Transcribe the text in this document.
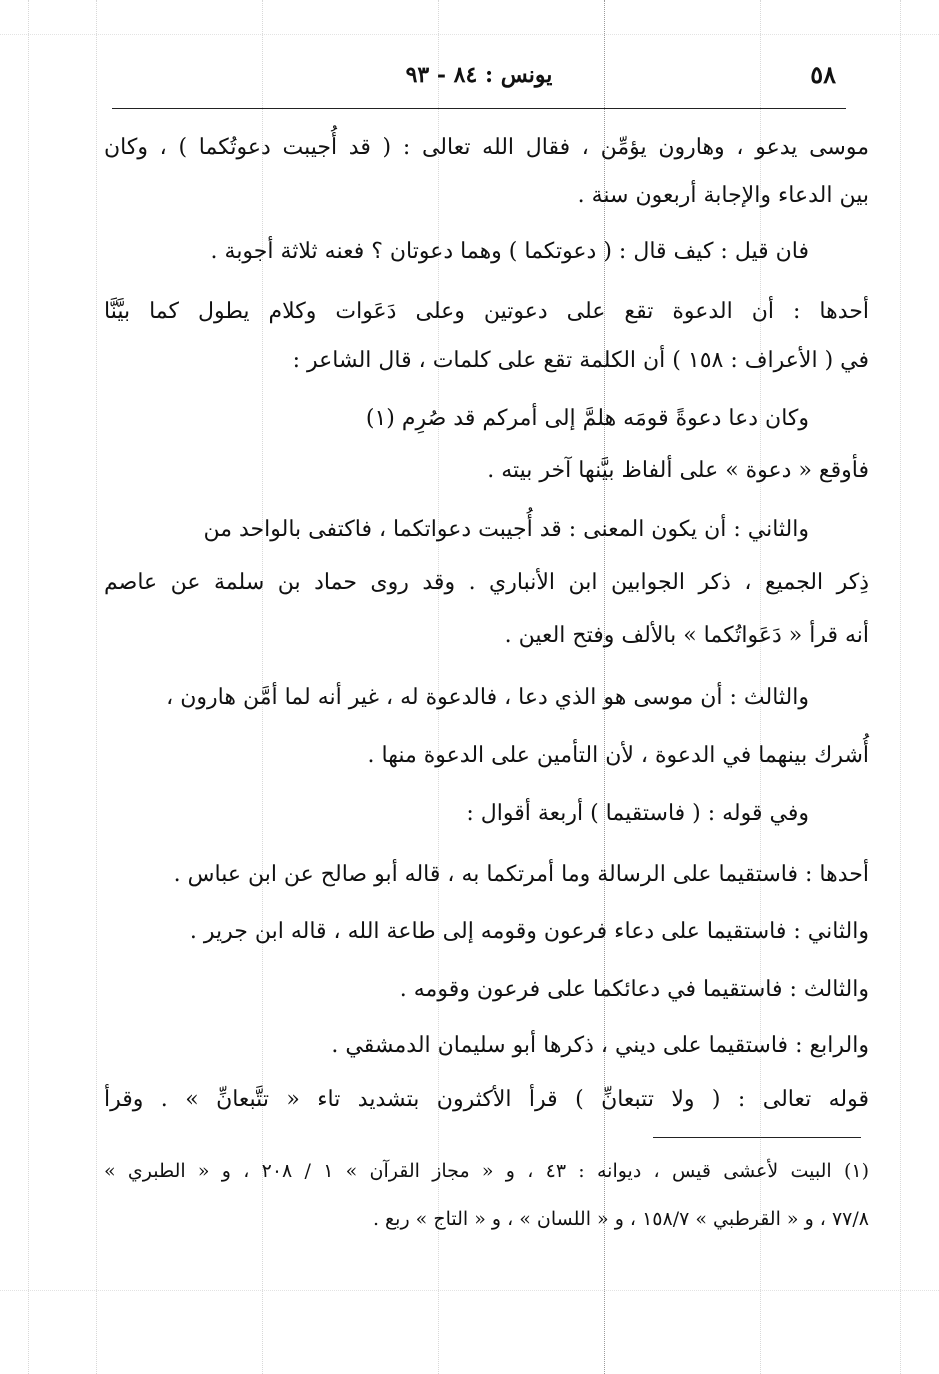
٥٨
يونس : ٨٤ - ٩٣
موسى يدعو ، وهارون يؤمِّن ، فقال الله تعالى : ( قد أُجيبت دعوتُكما ) ، وكان
بين الدعاء والإجابة أربعون سنة .
فان قيل : كيف قال : ( دعوتكما ) وهما دعوتان ؟ فعنه ثلاثة أجوبة .
أحدها : أن الدعوة تقع على دعوتين وعلى دَعَوات وكلام يطول كما بيَّنَّا
في ( الأعراف : ١٥٨ ) أن الكلمة تقع على كلمات ، قال الشاعر :
وكان دعا دعوةً قومَه هلمَّ إلى أمركم قد صُرِم (١)
فأوقع « دعوة » على ألفاظ بيَّنها آخر بيته .
والثاني : أن يكون المعنى : قد أُجيبت دعواتكما ، فاكتفى بالواحد من
ذِكر الجميع ، ذكر الجوابين ابن الأنباري . وقد روى حماد بن سلمة عن عاصم
أنه قرأ « دَعَواتُكما » بالألف وفتح العين .
والثالث : أن موسى هو الذي دعا ، فالدعوة له ، غير أنه لما أمَّن هارون ،
أُشرك بينهما في الدعوة ، لأن التأمين على الدعوة منها .
وفي قوله : ( فاستقيما ) أربعة أقوال :
أحدها : فاستقيما على الرسالة وما أمرتكما به ، قاله أبو صالح عن ابن عباس .
والثاني : فاستقيما على دعاء فرعون وقومه إلى طاعة الله ، قاله ابن جرير .
والثالث : فاستقيما في دعائكما على فرعون وقومه .
والرابع : فاستقيما على ديني ، ذكرها أبو سليمان الدمشقي .
قوله تعالى : ( ولا تتبعانِّ ) قرأ الأكثرون بتشديد تاء « تتَّبعانِّ » . وقرأ
(١) البيت لأعشى قيس ، ديوانه : ٤٣ ، و « مجاز القرآن » ١ / ٢٠٨ ، و « الطبري »
٧٧/٨ ، و « القرطبي » ١٥٨/٧ ، و « اللسان » ، و « التاج » ربع .
